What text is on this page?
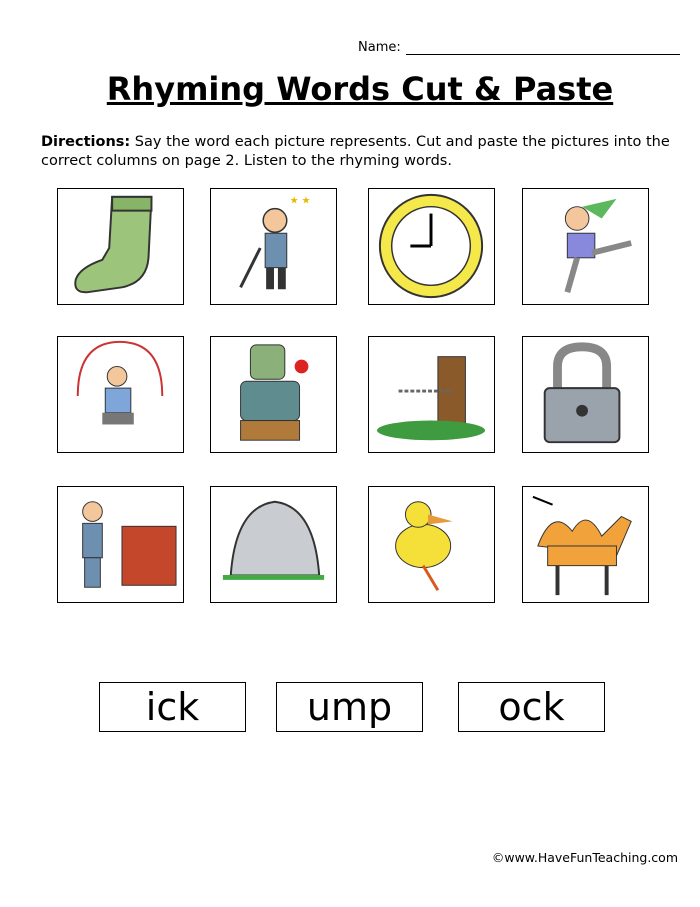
Name:
Rhyming Words Cut & Paste
Directions: Say the word each picture represents. Cut and paste the pictures into the correct columns on page 2. Listen to the rhyming words.
★ ★
ick	ump	ock
©www.HaveFunTeaching.com
